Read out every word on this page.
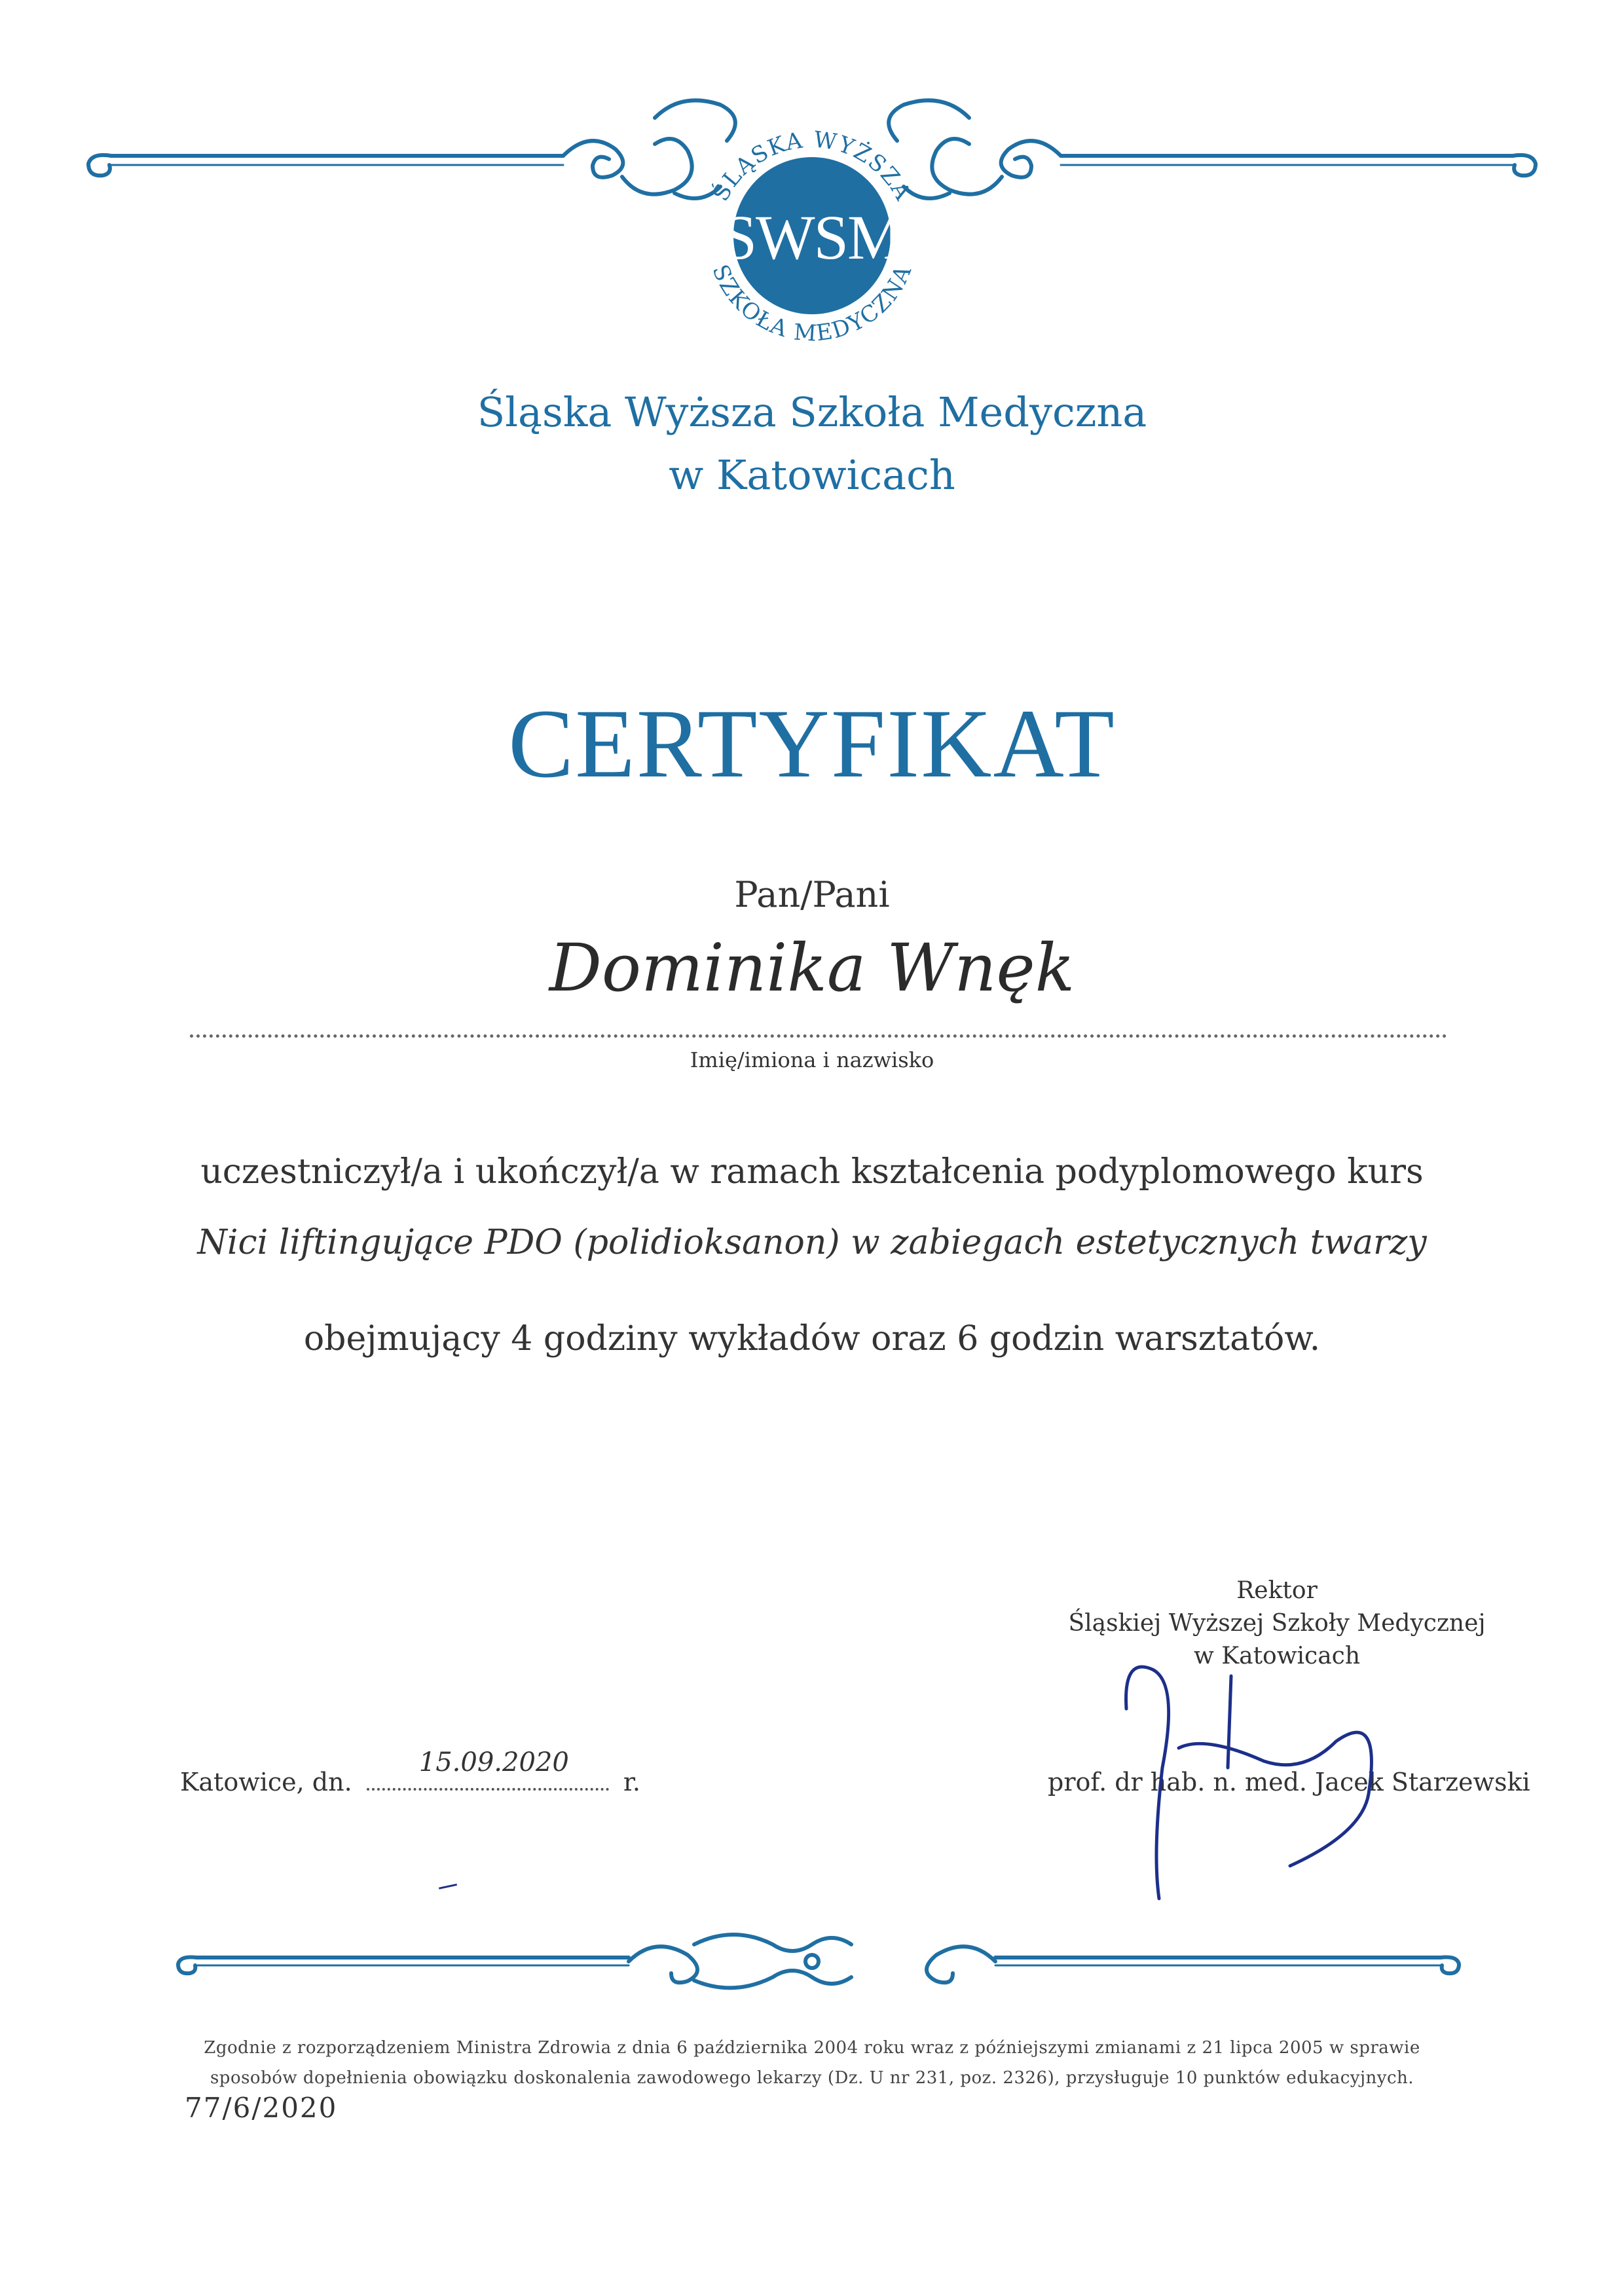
ŚLĄSKA WYŻSZA
SZKOŁA MEDYCZNA
SWSM
Śląska Wyższa Szkoła Medyczna
w Katowicach
CERTYFIKAT
Pan/Pani
Dominika Wnęk
Imię/imiona i nazwisko
uczestniczył/a i ukończył/a w ramach kształcenia podyplomowego kurs
Nici liftingujące PDO (polidioksanon) w zabiegach estetycznych twarzy
obejmujący 4 godziny wykładów oraz 6 godzin warsztatów.
Rektor
Śląskiej Wyższej Szkoły Medycznej
w Katowicach
Katowice, dn.
15.09.2020
r.	prof. dr hab. n. med. Jacek Starzewski
Zgodnie z rozporządzeniem Ministra Zdrowia z dnia 6 października 2004 roku wraz z późniejszymi zmianami z 21 lipca 2005 w sprawie
sposobów dopełnienia obowiązku doskonalenia zawodowego lekarzy (Dz. U nr 231, poz. 2326), przysługuje 10 punktów edukacyjnych.
77/6/2020
